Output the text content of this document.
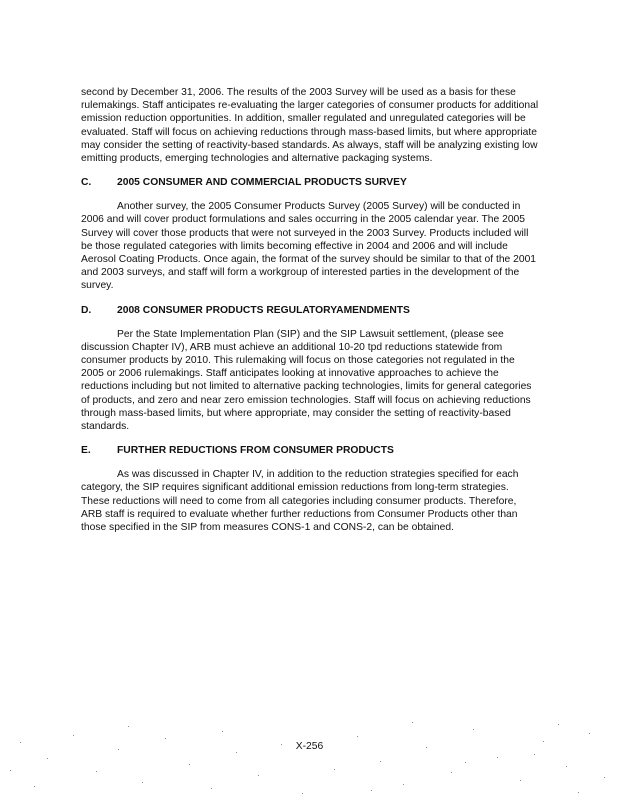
second by December 31, 2006. The results of the 2003 Survey will be used as a basis for these rulemakings. Staff anticipates re-evaluating the larger categories of consumer products for additional emission reduction opportunities. In addition, smaller regulated and unregulated categories will be evaluated. Staff will focus on achieving reductions through mass-based limits, but where appropriate may consider the setting of reactivity-based standards. As always, staff will be analyzing existing low emitting products, emerging technologies and alternative packaging systems.

C.	2005 CONSUMER AND COMMERCIAL PRODUCTS SURVEY

Another survey, the 2005 Consumer Products Survey (2005 Survey) will be conducted in 2006 and will cover product formulations and sales occurring in the 2005 calendar year. The 2005 Survey will cover those products that were not surveyed in the 2003 Survey. Products included will be those regulated categories with limits becoming effective in 2004 and 2006 and will include Aerosol Coating Products. Once again, the format of the survey should be similar to that of the 2001 and 2003 surveys, and staff will form a workgroup of interested parties in the development of the survey.

D.	2008 CONSUMER PRODUCTS REGULATORYAMENDMENTS

Per the State Implementation Plan (SIP) and the SIP Lawsuit settlement, (please see discussion Chapter IV), ARB must achieve an additional 10-20 tpd reductions statewide from consumer products by 2010. This rulemaking will focus on those categories not regulated in the 2005 or 2006 rulemakings. Staff anticipates looking at innovative approaches to achieve the reductions including but not limited to alternative packing technologies, limits for general categories of products, and zero and near zero emission technologies. Staff will focus on achieving reductions through mass-based limits, but where appropriate, may consider the setting of reactivity-based standards.

E.	FURTHER REDUCTIONS FROM CONSUMER PRODUCTS

As was discussed in Chapter IV, in addition to the reduction strategies specified for each category, the SIP requires significant additional emission reductions from long-term strategies. These reductions will need to come from all categories including consumer products. Therefore, ARB staff is required to evaluate whether further reductions from Consumer Products other than those specified in the SIP from measures CONS-1 and CONS-2, can be obtained.

X-256
